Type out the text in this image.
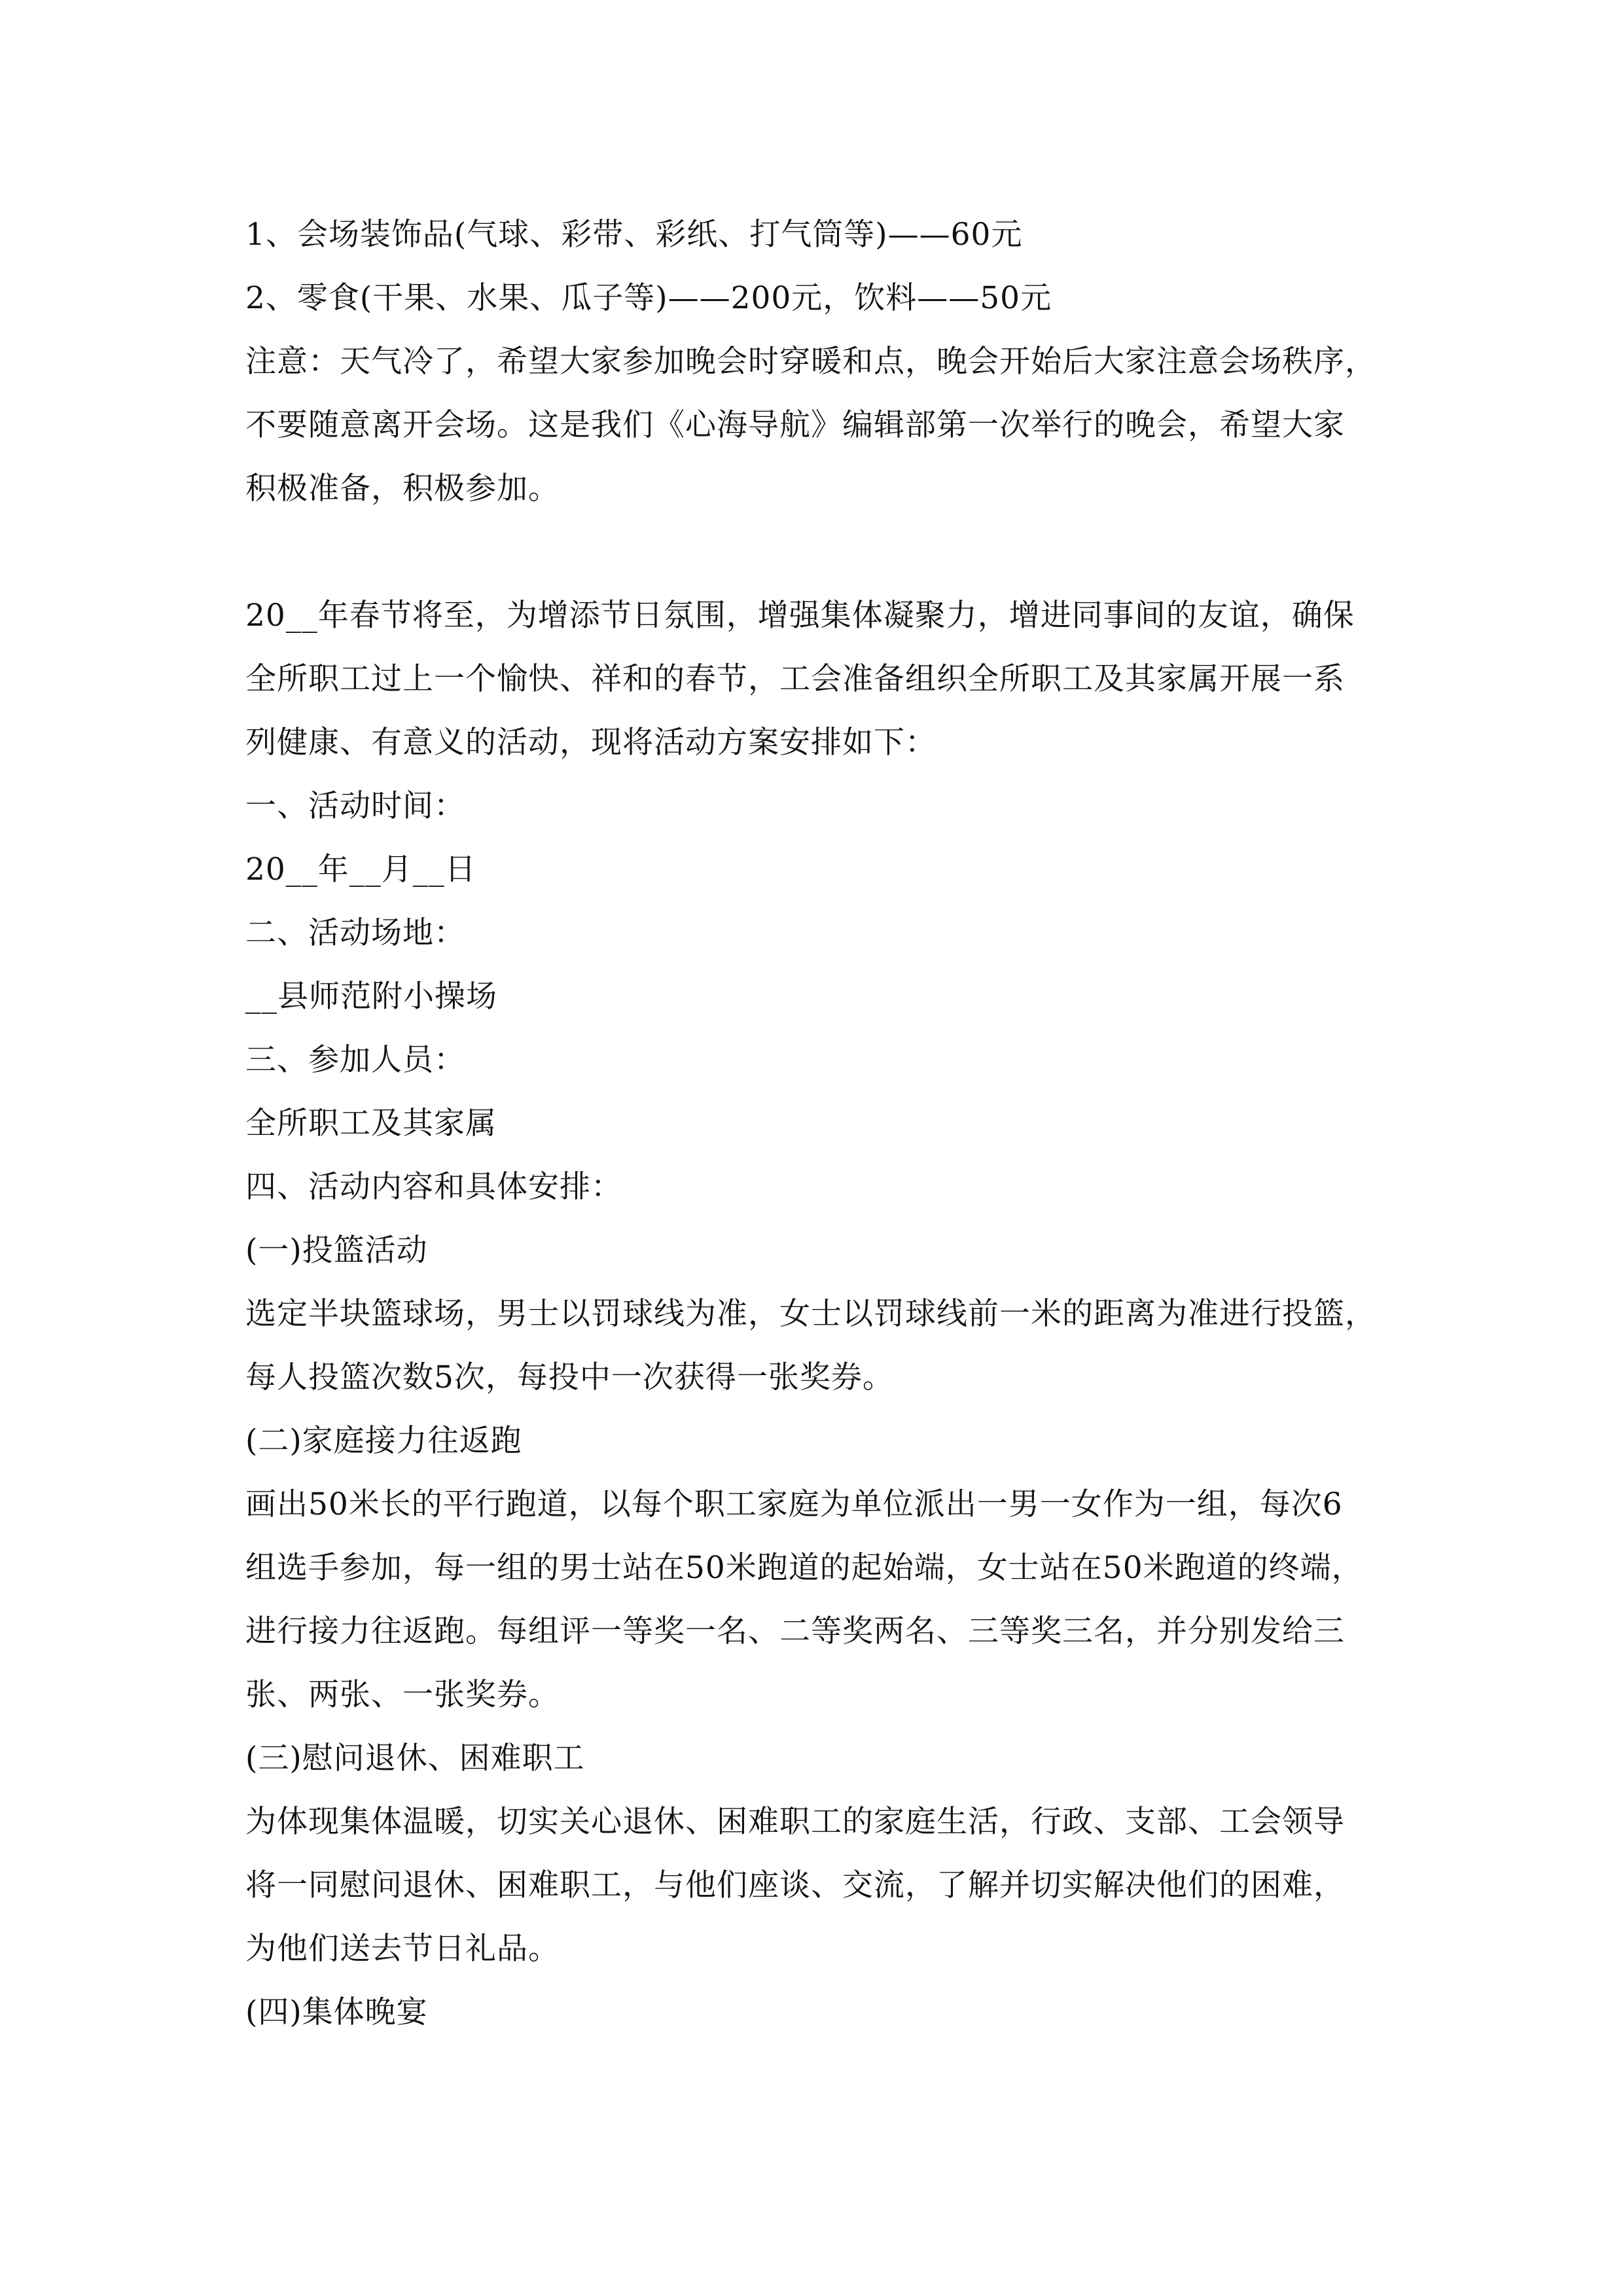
1、会场装饰品(气球、彩带、彩纸、打气筒等)——60元

2、零食(干果、水果、瓜子等)——200元，饮料——50元

注意：天气冷了，希望大家参加晚会时穿暖和点，晚会开始后大家注意会场秩序，

不要随意离开会场。这是我们《心海导航》编辑部第一次举行的晚会，希望大家

积极准备，积极参加。

20__年春节将至，为增添节日氛围，增强集体凝聚力，增进同事间的友谊，确保

全所职工过上一个愉快、祥和的春节，工会准备组织全所职工及其家属开展一系

列健康、有意义的活动，现将活动方案安排如下：

一、活动时间：

20__年__月__日

二、活动场地：

__县师范附小操场

三、参加人员：

全所职工及其家属

四、活动内容和具体安排：

(一)投篮活动

选定半块篮球场，男士以罚球线为准，女士以罚球线前一米的距离为准进行投篮，

每人投篮次数5次，每投中一次获得一张奖券。

(二)家庭接力往返跑

画出50米长的平行跑道，以每个职工家庭为单位派出一男一女作为一组，每次6

组选手参加，每一组的男士站在50米跑道的起始端，女士站在50米跑道的终端，

进行接力往返跑。每组评一等奖一名、二等奖两名、三等奖三名，并分别发给三

张、两张、一张奖券。

(三)慰问退休、困难职工

为体现集体温暖，切实关心退休、困难职工的家庭生活，行政、支部、工会领导

将一同慰问退休、困难职工，与他们座谈、交流，了解并切实解决他们的困难，

为他们送去节日礼品。

(四)集体晚宴
